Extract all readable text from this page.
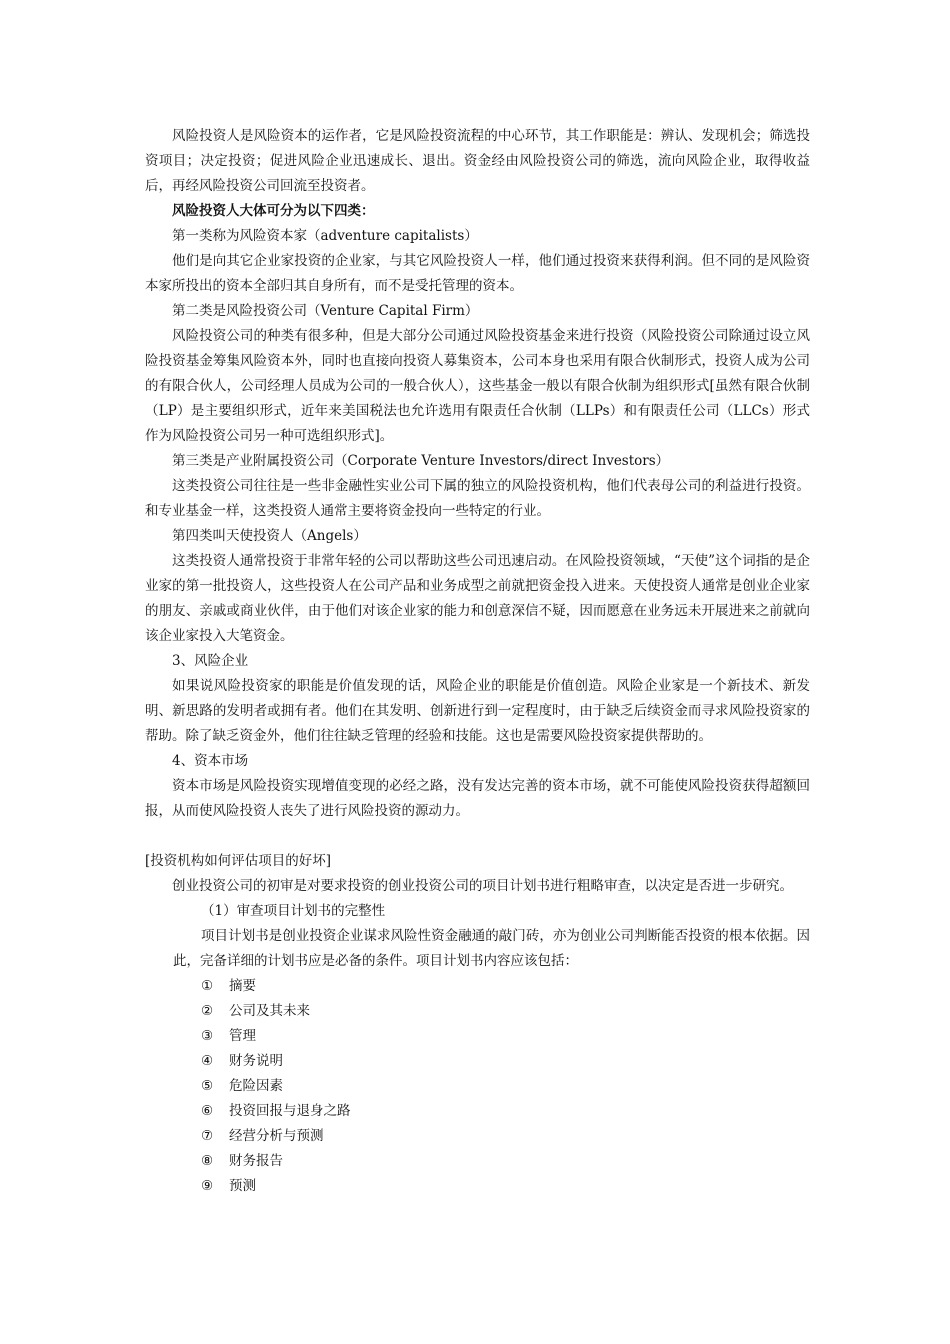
风险投资人是风险资本的运作者，它是风险投资流程的中心环节，其工作职能是：辨认、发现机会；筛选投资项目；决定投资；促进风险企业迅速成长、退出。资金经由风险投资公司的筛选，流向风险企业，取得收益后，再经风险投资公司回流至投资者。

风险投资人大体可分为以下四类：

第一类称为风险资本家（adventure capitalists）

他们是向其它企业家投资的企业家，与其它风险投资人一样，他们通过投资来获得利润。但不同的是风险资本家所投出的资本全部归其自身所有，而不是受托管理的资本。

第二类是风险投资公司（Venture Capital Firm）

风险投资公司的种类有很多种，但是大部分公司通过风险投资基金来进行投资（风险投资公司除通过设立风险投资基金筹集风险资本外，同时也直接向投资人募集资本，公司本身也采用有限合伙制形式，投资人成为公司的有限合伙人，公司经理人员成为公司的一般合伙人），这些基金一般以有限合伙制为组织形式[虽然有限合伙制（LP）是主要组织形式，近年来美国税法也允许选用有限责任合伙制（LLPs）和有限责任公司（LLCs）形式作为风险投资公司另一种可选组织形式]。

第三类是产业附属投资公司（Corporate Venture Investors/direct Investors）

这类投资公司往往是一些非金融性实业公司下属的独立的风险投资机构，他们代表母公司的利益进行投资。和专业基金一样，这类投资人通常主要将资金投向一些特定的行业。

第四类叫天使投资人（Angels）

这类投资人通常投资于非常年轻的公司以帮助这些公司迅速启动。在风险投资领域，“天使”这个词指的是企业家的第一批投资人，这些投资人在公司产品和业务成型之前就把资金投入进来。天使投资人通常是创业企业家的朋友、亲戚或商业伙伴，由于他们对该企业家的能力和创意深信不疑，因而愿意在业务远未开展进来之前就向该企业家投入大笔资金。

3、风险企业

如果说风险投资家的职能是价值发现的话，风险企业的职能是价值创造。风险企业家是一个新技术、新发明、新思路的发明者或拥有者。他们在其发明、创新进行到一定程度时，由于缺乏后续资金而寻求风险投资家的帮助。除了缺乏资金外，他们往往缺乏管理的经验和技能。这也是需要风险投资家提供帮助的。

4、资本市场

资本市场是风险投资实现增值变现的必经之路，没有发达完善的资本市场，就不可能使风险投资获得超额回报，从而使风险投资人丧失了进行风险投资的源动力。

[投资机构如何评估项目的好坏]

创业投资公司的初审是对要求投资的创业投资公司的项目计划书进行粗略审查，以决定是否进一步研究。

（1）审查项目计划书的完整性

项目计划书是创业投资企业谋求风险性资金融通的敲门砖，亦为创业公司判断能否投资的根本依据。因此，完备详细的计划书应是必备的条件。项目计划书内容应该包括：

① 摘要
② 公司及其未来
③ 管理
④ 财务说明
⑤ 危险因素
⑥ 投资回报与退身之路
⑦ 经营分析与预测
⑧ 财务报告
⑨ 预测
